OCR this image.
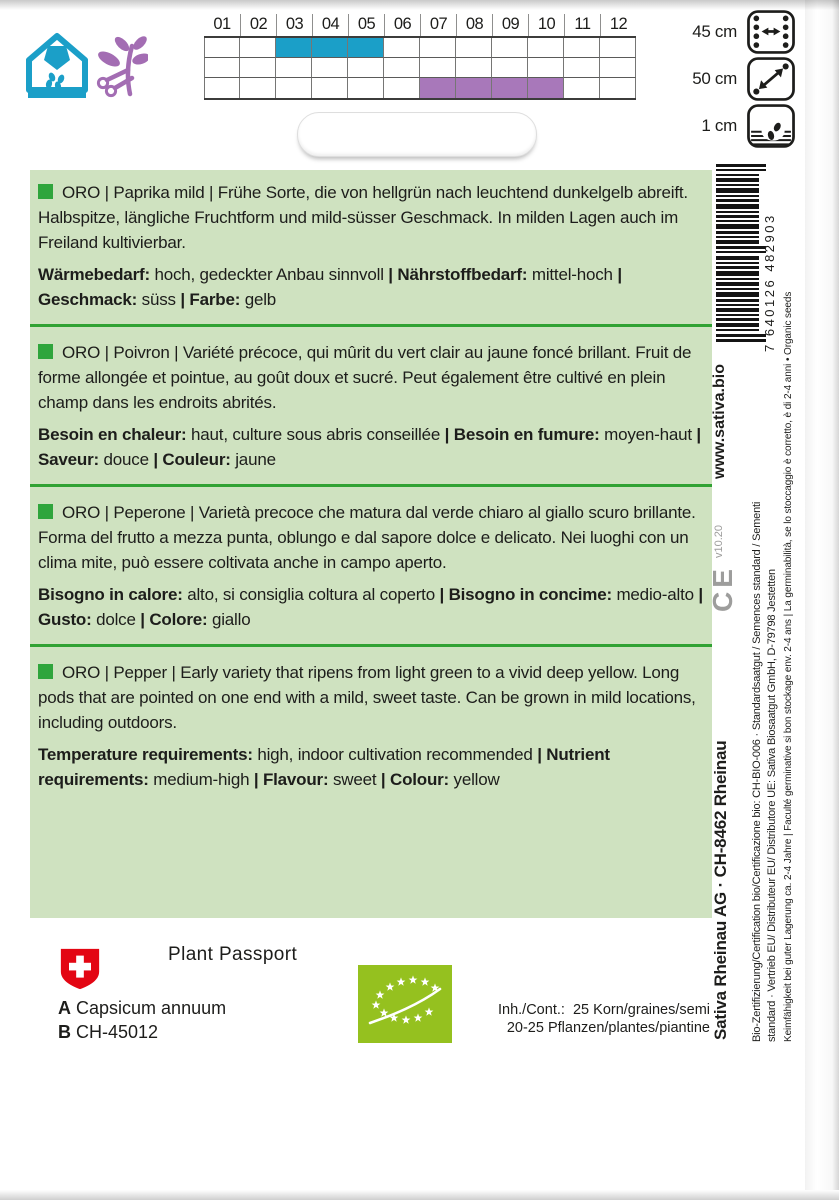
01	02	03	04	05	06	07	08	09	10	11	12	45 cm
50 cm
1 cm

ORO | Paprika mild | Frühe Sorte, die von hellgrün nach leuchtend dunkelgelb abreift. Halbspitze, längliche Fruchtform und mild-süsser Geschmack. In milden Lagen auch im Freiland kultivierbar.

Wärmebedarf: hoch, gedeckter Anbau sinnvoll | Nährstoffbedarf: mittel-hoch | Geschmack: süss | Farbe: gelb

ORO | Poivron | Variété précoce, qui mûrit du vert clair au jaune foncé brillant. Fruit de forme allongée et pointue, au goût doux et sucré. Peut également être cultivé en plein champ dans les endroits abrités.

Besoin en chaleur: haut, culture sous abris conseillée | Besoin en fumure: moyen-haut | Saveur: douce | Couleur: jaune

ORO | Peperone | Varietà precoce che matura dal verde chiaro al giallo scuro brillante. Forma del frutto a mezza punta, oblungo e dal sapore dolce e delicato. Nei luoghi con un clima mite, può essere coltivata anche in campo aperto.

Bisogno in calore: alto, si consiglia coltura al coperto | Bisogno in concime: medio-alto | Gusto: dolce | Colore: giallo

ORO | Pepper | Early variety that ripens from light green to a vivid deep yellow. Long pods that are pointed on one end with a mild, sweet taste. Can be grown in mild locations, including outdoors.

Temperature requirements: high, indoor cultivation recommended | Nutrient requirements: medium-high | Flavour: sweet | Colour: yellow

Plant Passport
A Capsicum annuum
B CH-45012
Inh./Cont.: 25 Korn/graines/semi
20-25 Pflanzen/plantes/piantine
7 640126 482903
www.sativa.bio
v10.20
CE
Sativa Rheinau AG · CH-8462 Rheinau Bio-Zertifizierung/Certification bio/Certificazione bio: CH-BIO-006 · Standardsaatgut / Semences standard / Sementi standard · Vertrieb EU/ Distributeur EU/ Distributore UE: Sativa Biosaatgut GmbH, D-79798 Jestetten Keimfähigkeit bei guter Lagerung ca. 2-4 Jahre | Faculté germinative si bon stockage env. 2-4 ans | La germinabilità, se lo stoccaggio è corretto, è di 2-4 anni • Organic seeds
